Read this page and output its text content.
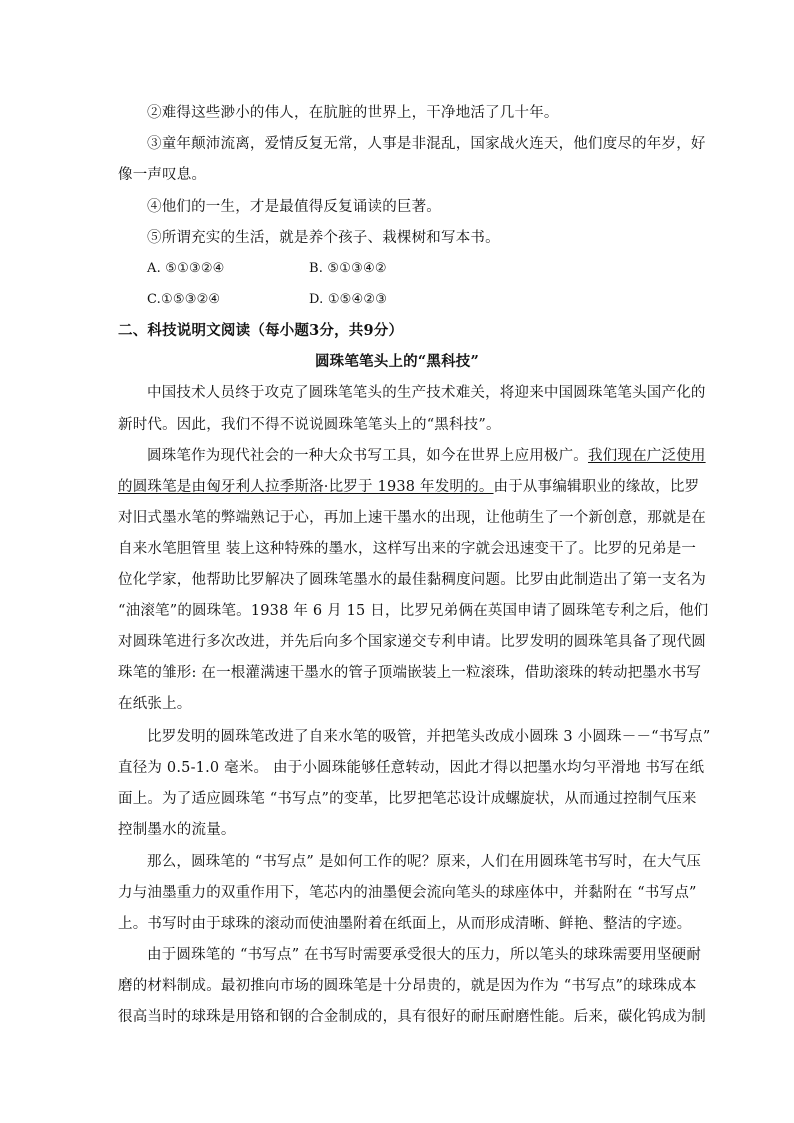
②难得这些渺小的伟人，在肮脏的世界上，干净地活了几十年。
③童年颠沛流离，爱情反复无常，人事是非混乱，国家战火连天，他们度尽的年岁，好
像一声叹息。
④他们的一生，才是最值得反复诵读的巨著。
⑤所谓充实的生活，就是养个孩子、栽棵树和写本书。
A. ⑤①③②④	B. ⑤①③④②
C.①⑤③②④	D. ①⑤④②③
二、科技说明文阅读（每小题3分，共9分）
圆珠笔笔头上的“黑科技”
中国技术人员终于攻克了圆珠笔笔头的生产技术难关，将迎来中国圆珠笔笔头国产化的
新时代。因此，我们不得不说说圆珠笔笔头上的“黑科技”。
圆珠笔作为现代社会的一种大众书写工具，如今在世界上应用极广。我们现在广泛使用
的圆珠笔是由匈牙利人拉季斯洛·比罗于 1938 年发明的。由于从事编辑职业的缘故，比罗
对旧式墨水笔的弊端熟记于心，再加上速干墨水的出现，让他萌生了一个新创意，那就是在
自来水笔胆管里 装上这种特殊的墨水，这样写出来的字就会迅速变干了。比罗的兄弟是一
位化学家，他帮助比罗解决了圆珠笔墨水的最佳黏稠度问题。比罗由此制造出了第一支名为
“油滚笔”的圆珠笔。1938 年 6 月 15 日，比罗兄弟俩在英国申请了圆珠笔专利之后，他们
对圆珠笔进行多次改进，并先后向多个国家递交专利申请。比罗发明的圆珠笔具备了现代圆
珠笔的雏形: 在一根灌满速干墨水的管子顶端嵌装上一粒滚珠，借助滚珠的转动把墨水书写
在纸张上。
比罗发明的圆珠笔改进了自来水笔的吸管，并把笔头改成小圆珠 3 小圆珠－－“书写点”
直径为 0.5-1.0 毫米。 由于小圆珠能够任意转动，因此才得以把墨水均匀平滑地 书写在纸
面上。为了适应圆珠笔 “书写点”的变革，比罗把笔芯设计成螺旋状，从而通过控制气压来
控制墨水的流量。
那么，圆珠笔的 “书写点” 是如何工作的呢？原来，人们在用圆珠笔书写时，在大气压
力与油墨重力的双重作用下，笔芯内的油墨便会流向笔头的球座体中，并黏附在 “书写点”
上。书写时由于球珠的滚动而使油墨附着在纸面上，从而形成清晰、鲜艳、整洁的字迹。
由于圆珠笔的 “书写点” 在书写时需要承受很大的压力，所以笔头的球珠需要用坚硬耐
磨的材料制成。最初推向市场的圆珠笔是十分昂贵的，就是因为作为 “书写点”的球珠成本
很高当时的球珠是用铬和钢的合金制成的，具有很好的耐压耐磨性能。后来，碳化钨成为制
